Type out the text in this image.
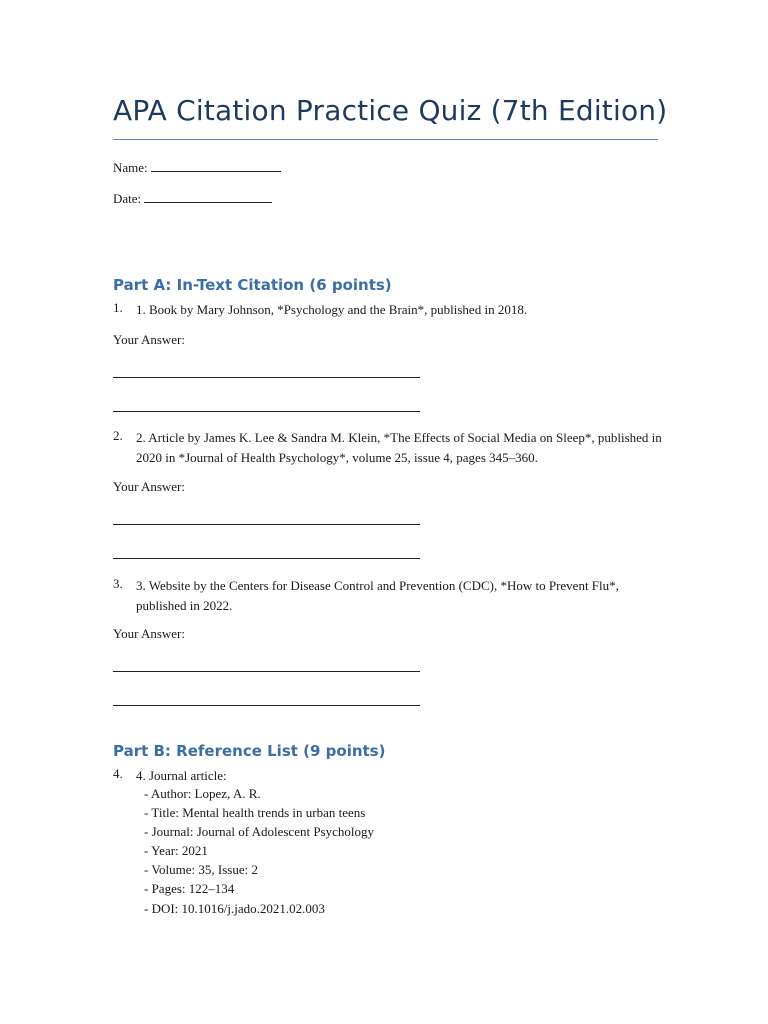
APA Citation Practice Quiz (7th Edition)
Name:
Date:
Part A: In-Text Citation (6 points)
1. 1. Book by Mary Johnson, *Psychology and the Brain*, published in 2018.
Your Answer:
2. 2. Article by James K. Lee & Sandra M. Klein, *The Effects of Social Media on Sleep*, published in 2020 in *Journal of Health Psychology*, volume 25, issue 4, pages 345–360.
Your Answer:
3. 3. Website by the Centers for Disease Control and Prevention (CDC), *How to Prevent Flu*, published in 2022.
Your Answer:
Part B: Reference List (9 points)
4. 4. Journal article:
- Author: Lopez, A. R.
- Title: Mental health trends in urban teens
- Journal: Journal of Adolescent Psychology
- Year: 2021
- Volume: 35, Issue: 2
- Pages: 122–134
- DOI: 10.1016/j.jado.2021.02.003
